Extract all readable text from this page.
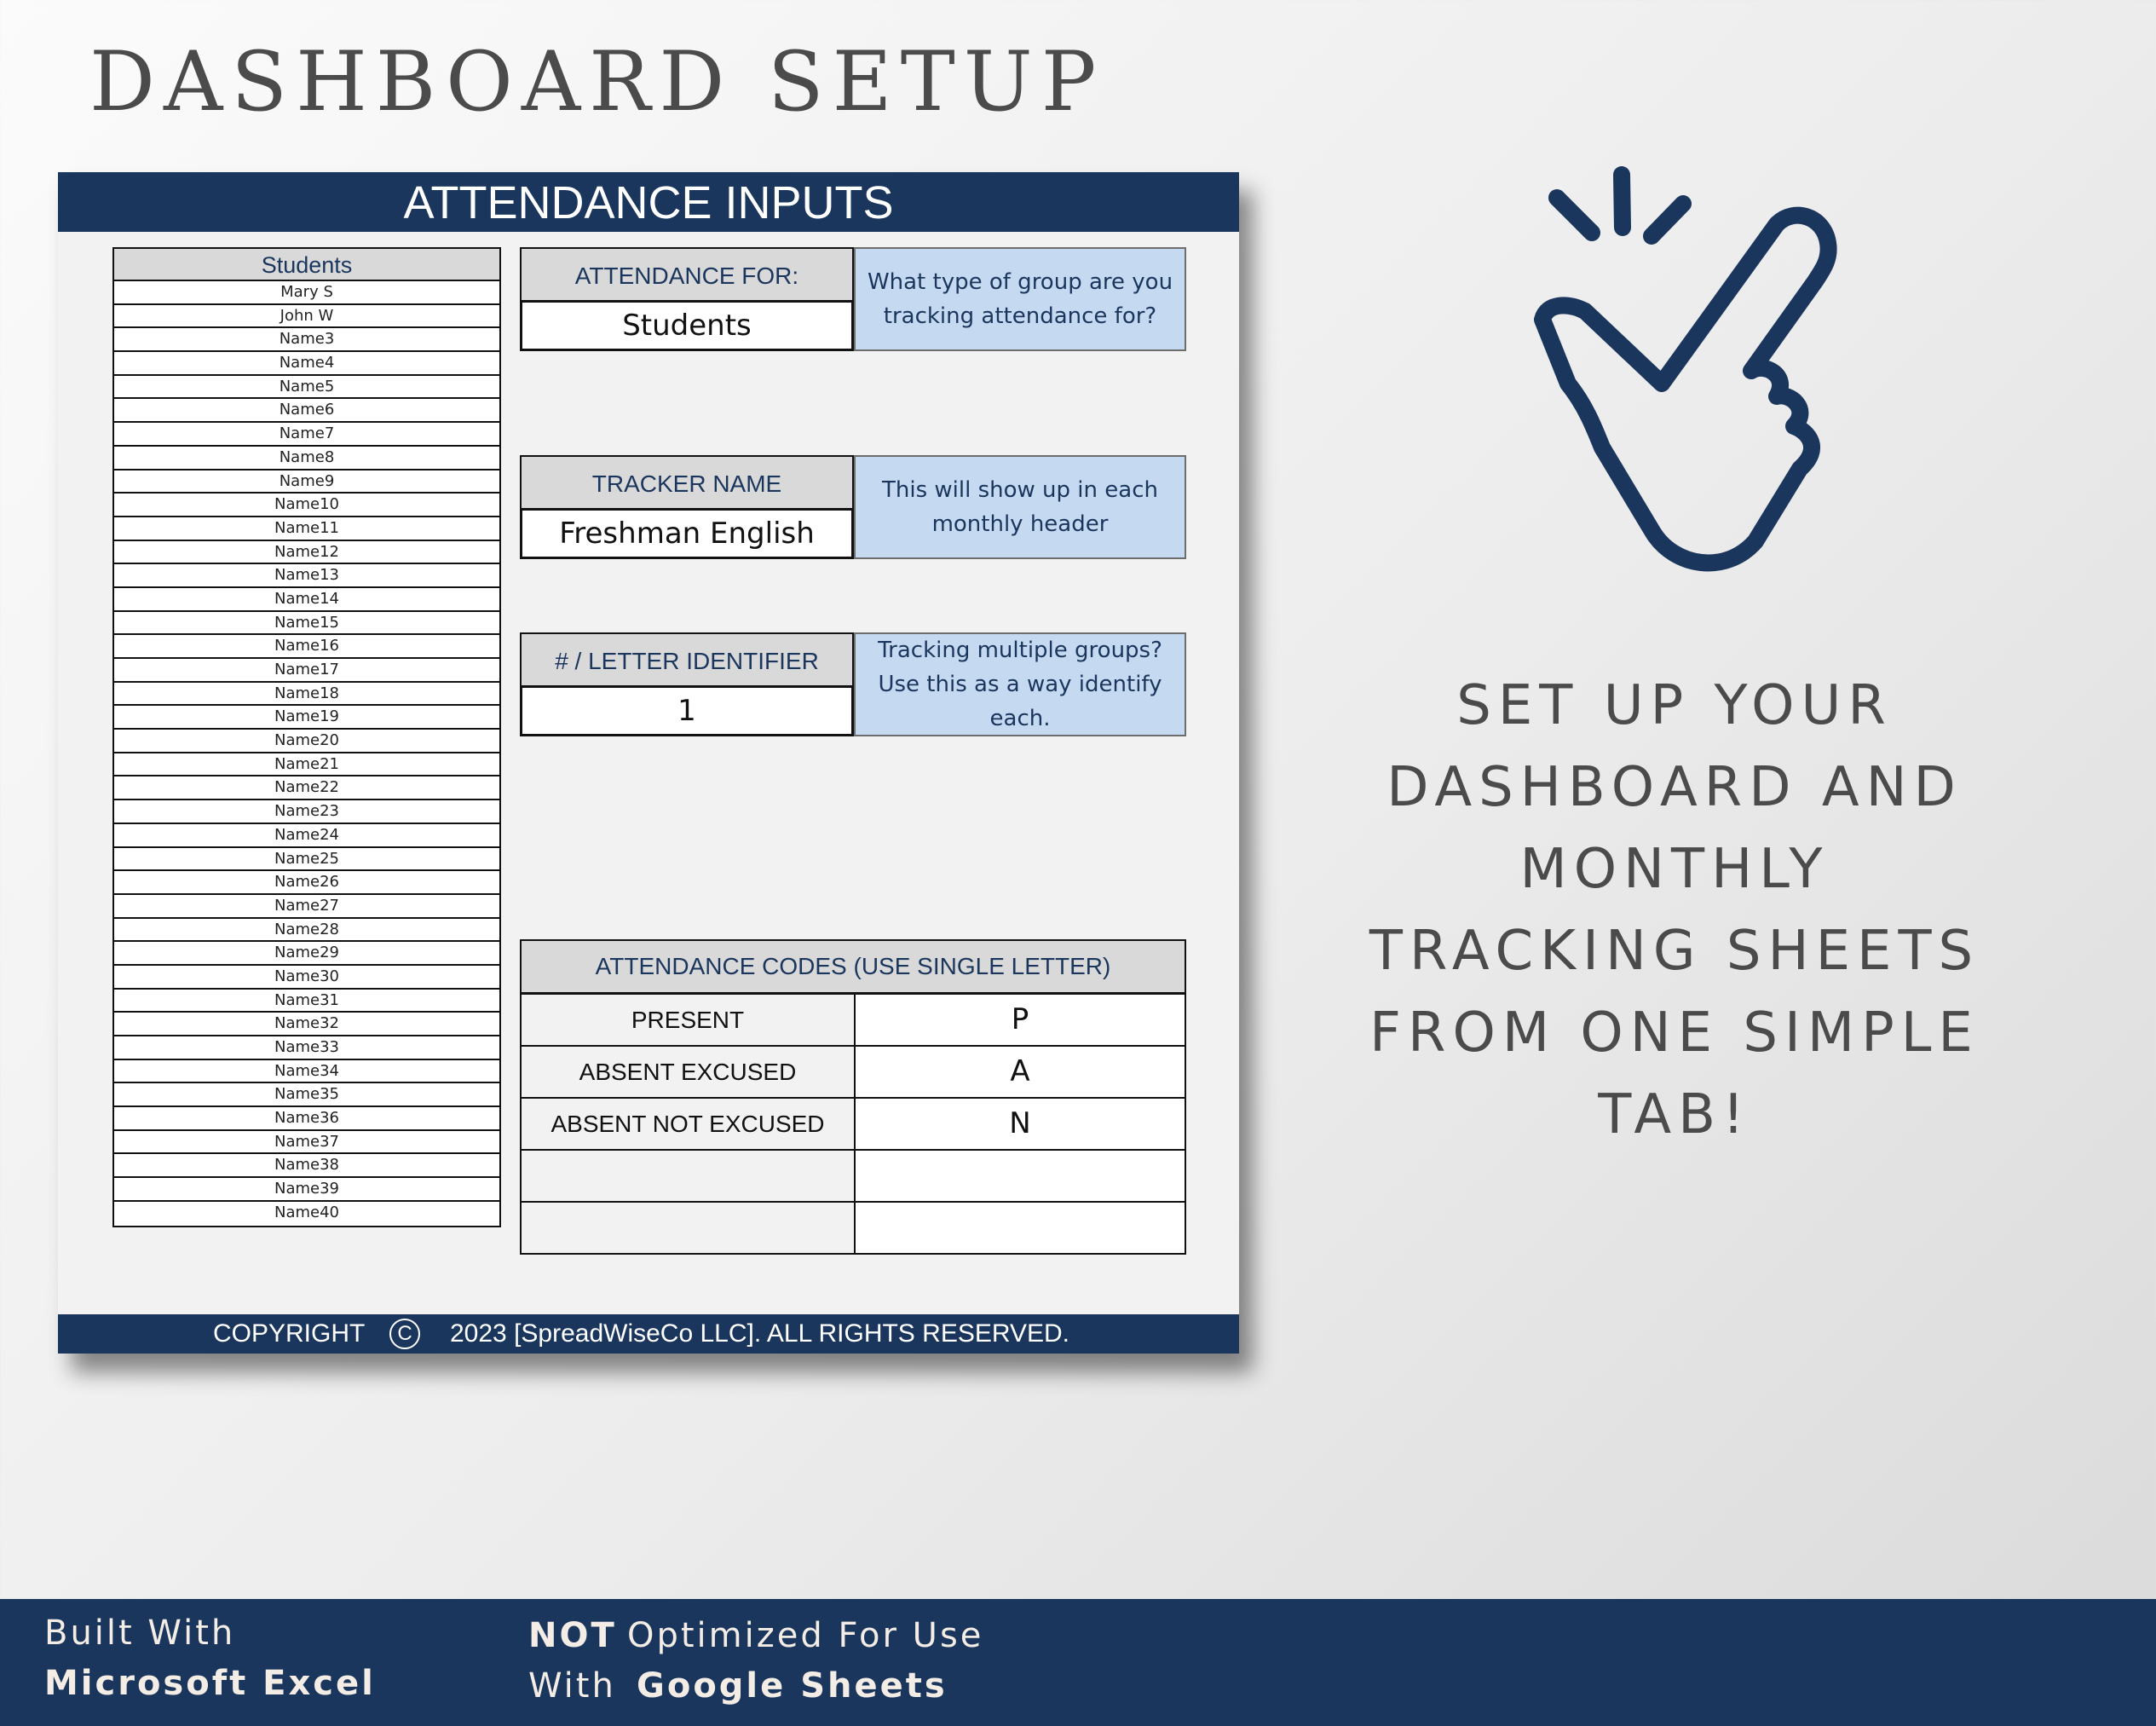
DASHBOARD SETUP
ATTENDANCE INPUTS
Students
Mary S
John W
Name3
Name4
Name5
Name6
Name7
Name8
Name9
Name10
Name11
Name12
Name13
Name14
Name15
Name16
Name17
Name18
Name19
Name20
Name21
Name22
Name23
Name24
Name25
Name26
Name27
Name28
Name29
Name30
Name31
Name32
Name33
Name34
Name35
Name36
Name37
Name38
Name39
Name40
ATTENDANCE FOR:
Students
What type of group are you tracking attendance for?
TRACKER NAME
Freshman English
This will show up in each monthly header
# / LETTER IDENTIFIER
1
Tracking multiple groups? Use this as a way identify each.
ATTENDANCE CODES (USE SINGLE LETTER)
PRESENT	P
ABSENT EXCUSED	A
ABSENT NOT EXCUSED	N
COPYRIGHT	C	2023 [SpreadWiseCo LLC]. ALL RIGHTS RESERVED.
SET UP YOUR
DASHBOARD AND
MONTHLY
TRACKING SHEETS
FROM ONE SIMPLE
TAB!
Built With
Microsoft Excel
NOT Optimized For Use
With Google Sheets
